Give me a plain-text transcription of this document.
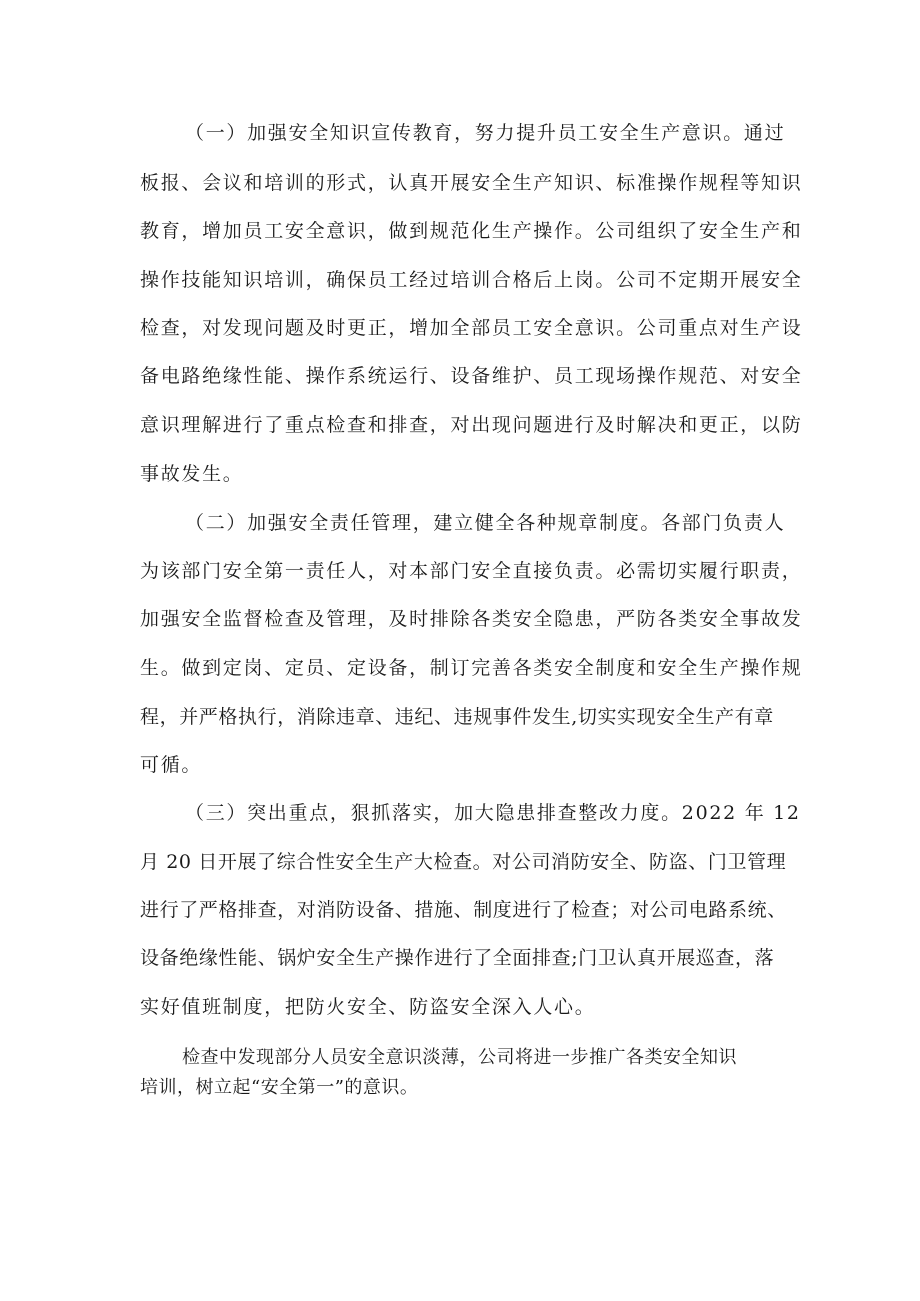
（一）加强安全知识宣传教育，努力提升员工安全生产意识。通过
板报、会议和培训的形式，认真开展安全生产知识、标准操作规程等知识
教育，增加员工安全意识，做到规范化生产操作。公司组织了安全生产和
操作技能知识培训，确保员工经过培训合格后上岗。公司不定期开展安全
检查，对发现问题及时更正，增加全部员工安全意识。公司重点对生产设
备电路绝缘性能、操作系统运行、设备维护、员工现场操作规范、对安全
意识理解进行了重点检查和排查，对出现问题进行及时解决和更正，以防
事故发生。
（二）加强安全责任管理，建立健全各种规章制度。各部门负责人
为该部门安全第一责任人，对本部门安全直接负责。必需切实履行职责，
加强安全监督检查及管理，及时排除各类安全隐患，严防各类安全事故发
生。做到定岗、定员、定设备，制订完善各类安全制度和安全生产操作规
程，并严格执行，消除违章、违纪、违规事件发生,切实实现安全生产有章
可循。
（三）突出重点，狠抓落实，加大隐患排查整改力度。2022 年 12
月 20 日开展了综合性安全生产大检查。对公司消防安全、防盗、门卫管理
进行了严格排查，对消防设备、措施、制度进行了检查；对公司电路系统、
设备绝缘性能、锅炉安全生产操作进行了全面排查;门卫认真开展巡查，落
实好值班制度，把防火安全、防盗安全深入人心。
检查中发现部分人员安全意识淡薄，公司将进一步推广各类安全知识
培训，树立起“安全第一”的意识。
